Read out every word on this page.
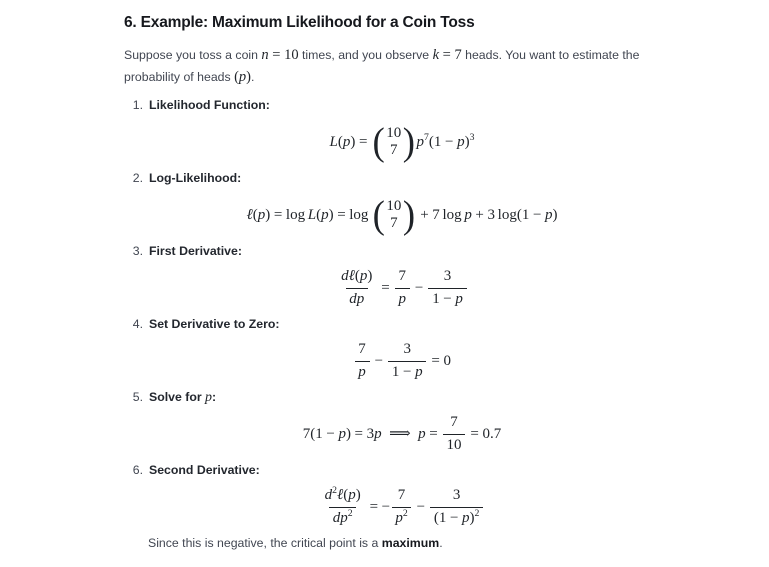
6. Example: Maximum Likelihood for a Coin Toss

Suppose you toss a coin n = 10 times, and you observe k = 7 heads. You want to estimate the
probability of heads (p).

1. Likelihood Function:
L ( p ) = ( 10
7 ) $p^7$ $(1 - p)^3$
2. Log-Likelihood:
ℓ ( p ) = log L ( p ) = log ( 10
7 ) + 7 log p + 3 log(1 − p )
3. First Derivative:
dℓ(p)
dp
= $\frac{7}{p} - \frac{3}{1 - p}$
4. Set Derivative to Zero:
$\frac{7}{p} - \frac{3}{1 - p} = 0$
5. Solve for p:
7(1 − p ) = 3 p ⟹ $p = \frac{7}{10} = 0.7$
6. Second Derivative:
$d^2\ell(p)$
$dp^2$ = − $\frac{7}{p^2} - \frac{3}{(1 - p)^2}$

Since this is negative, the critical point is a maximum.
